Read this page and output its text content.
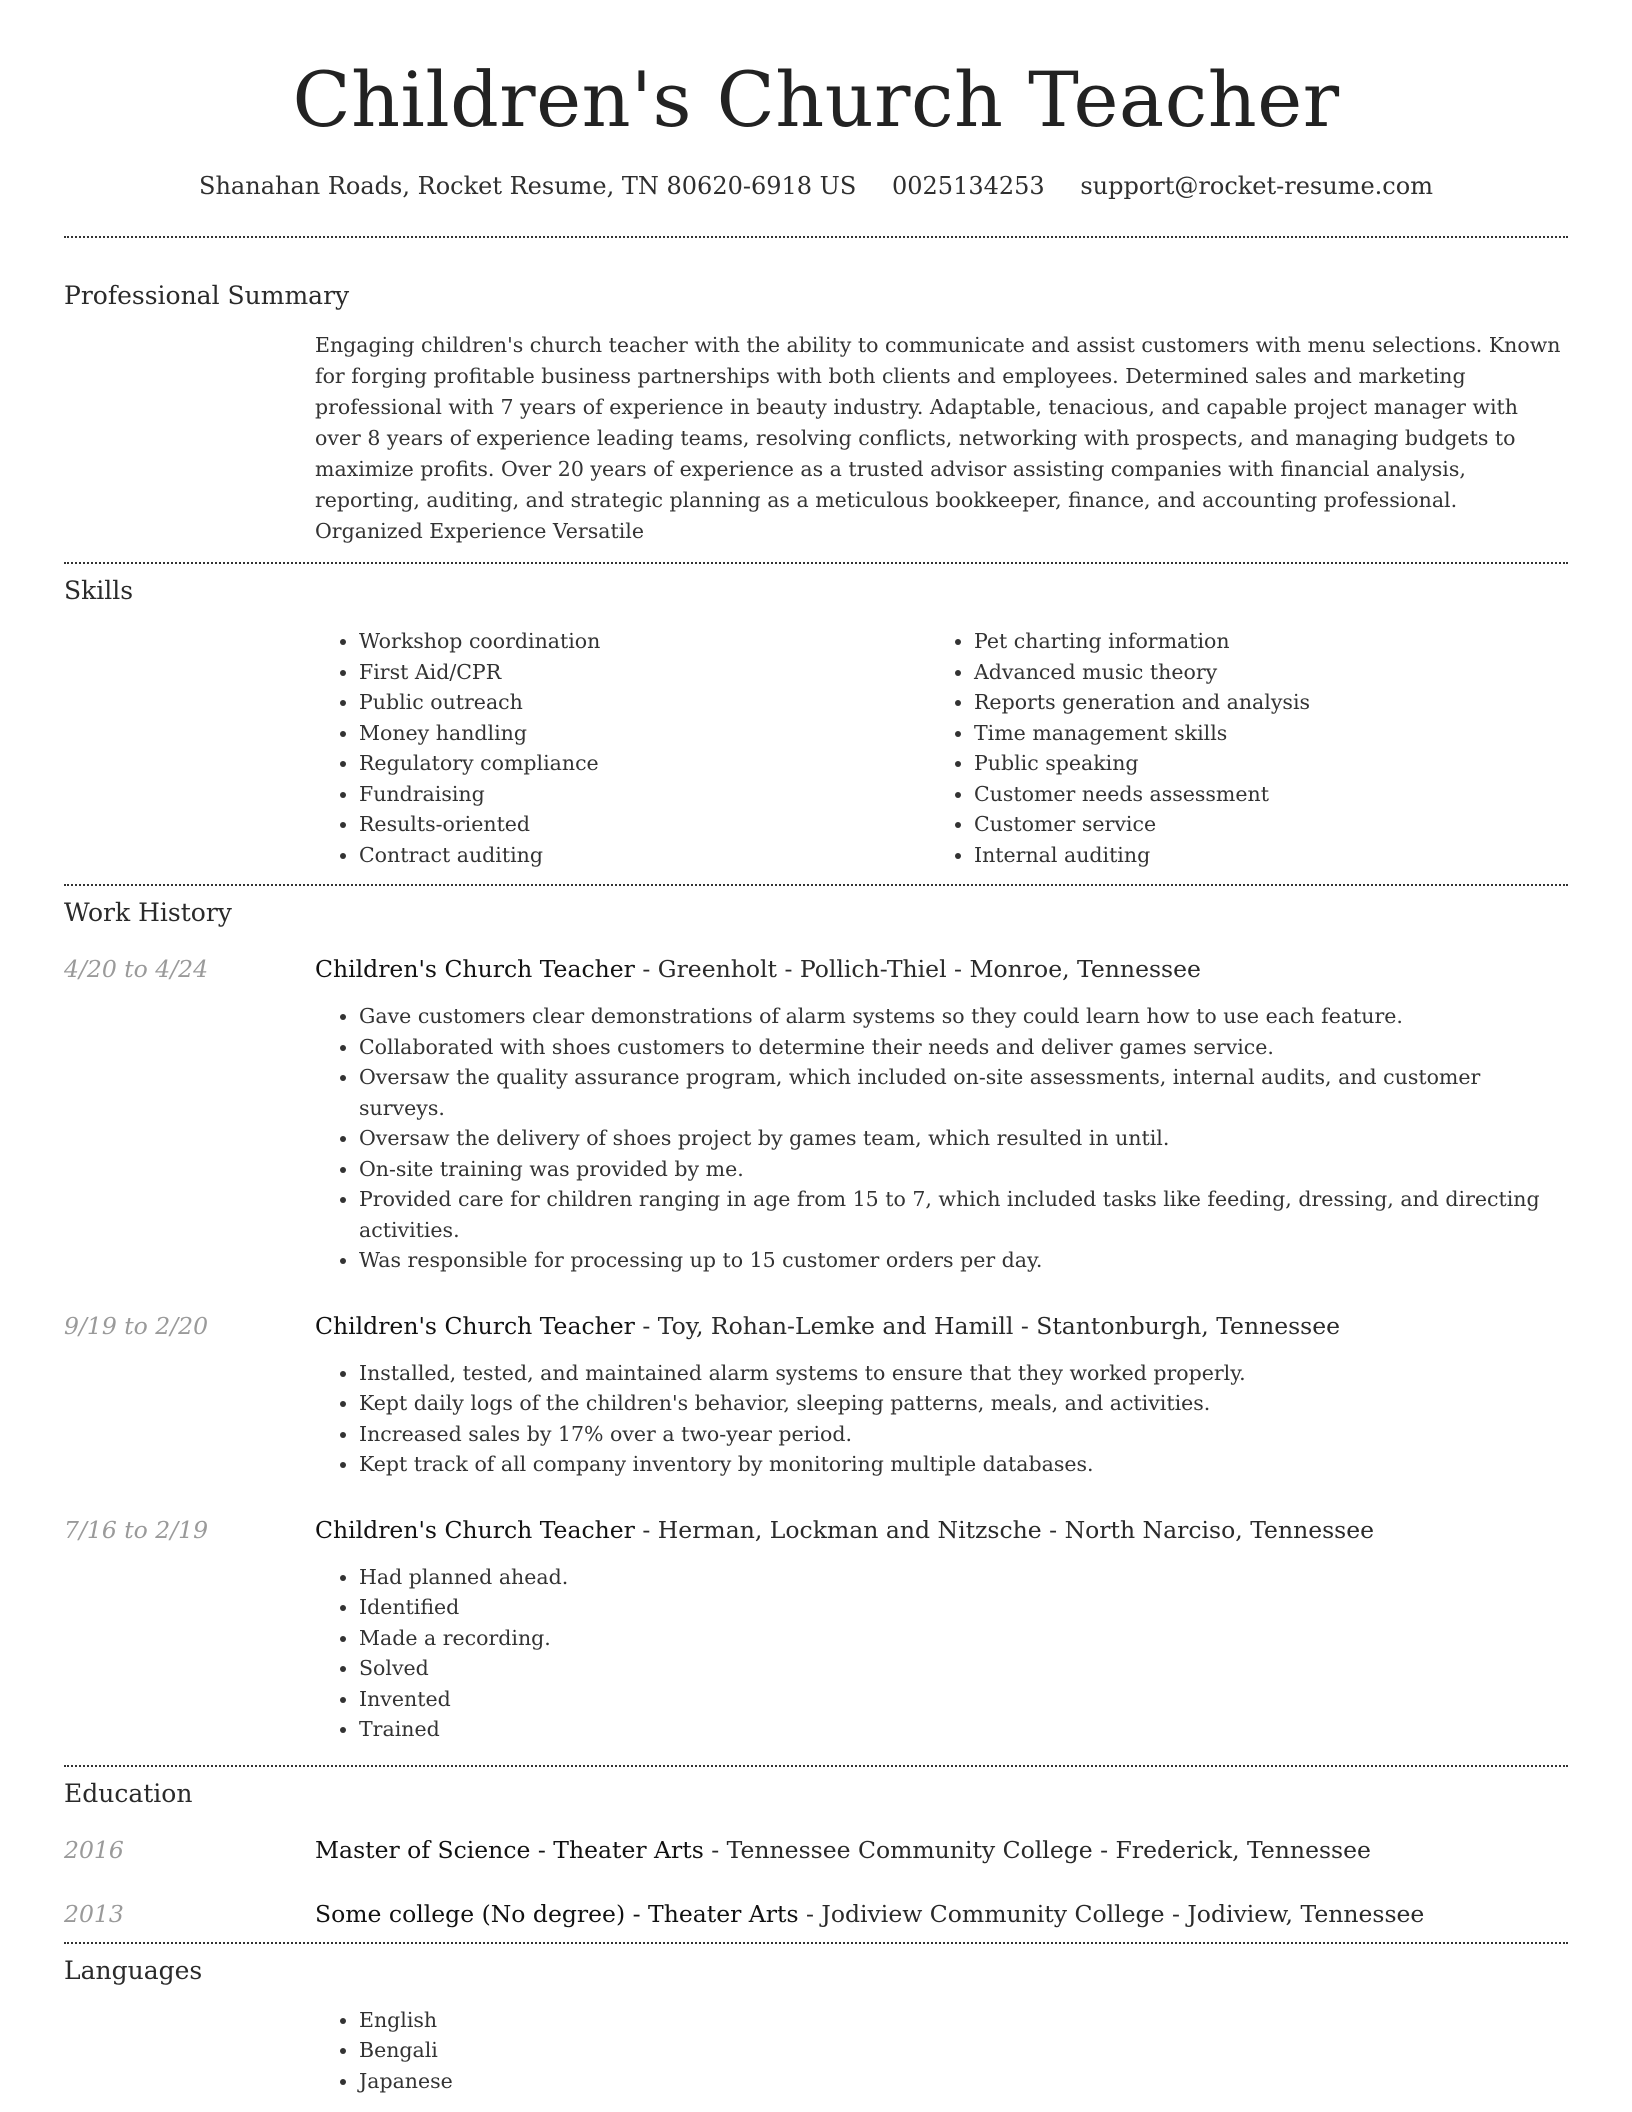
Children's Church Teacher
Shanahan Roads, Rocket Resume, TN 80620-6918 US 0025134253 support@rocket-resume.com
Professional Summary
Engaging children's church teacher with the ability to communicate and assist customers with menu selections. Known for forging profitable business partnerships with both clients and employees. Determined sales and marketing professional with 7 years of experience in beauty industry. Adaptable, tenacious, and capable project manager with over 8 years of experience leading teams, resolving conflicts, networking with prospects, and managing budgets to maximize profits. Over 20 years of experience as a trusted advisor assisting companies with financial analysis, reporting, auditing, and strategic planning as a meticulous bookkeeper, finance, and accounting professional. Organized Experience Versatile
Skills
• Workshop coordination
• First Aid/CPR
• Public outreach
• Money handling
• Regulatory compliance
• Fundraising
• Results-oriented
• Contract auditing
• Pet charting information
• Advanced music theory
• Reports generation and analysis
• Time management skills
• Public speaking
• Customer needs assessment
• Customer service
• Internal auditing
Work History
4/20 to 4/24	Children's Church Teacher - Greenholt - Pollich-Thiel - Monroe, Tennessee
• Gave customers clear demonstrations of alarm systems so they could learn how to use each feature.
• Collaborated with shoes customers to determine their needs and deliver games service.
• Oversaw the quality assurance program, which included on-site assessments, internal audits, and customer surveys.
• Oversaw the delivery of shoes project by games team, which resulted in until.
• On-site training was provided by me.
• Provided care for children ranging in age from 15 to 7, which included tasks like feeding, dressing, and directing activities.
• Was responsible for processing up to 15 customer orders per day.
9/19 to 2/20	Children's Church Teacher - Toy, Rohan-Lemke and Hamill - Stantonburgh, Tennessee
• Installed, tested, and maintained alarm systems to ensure that they worked properly.
• Kept daily logs of the children's behavior, sleeping patterns, meals, and activities.
• Increased sales by 17% over a two-year period.
• Kept track of all company inventory by monitoring multiple databases.
7/16 to 2/19	Children's Church Teacher - Herman, Lockman and Nitzsche - North Narciso, Tennessee
• Had planned ahead.
• Identified
• Made a recording.
• Solved
• Invented
• Trained
Education
2016	Master of Science - Theater Arts - Tennessee Community College - Frederick, Tennessee
2013	Some college (No degree) - Theater Arts - Jodiview Community College - Jodiview, Tennessee
Languages
• English
• Bengali
• Japanese
